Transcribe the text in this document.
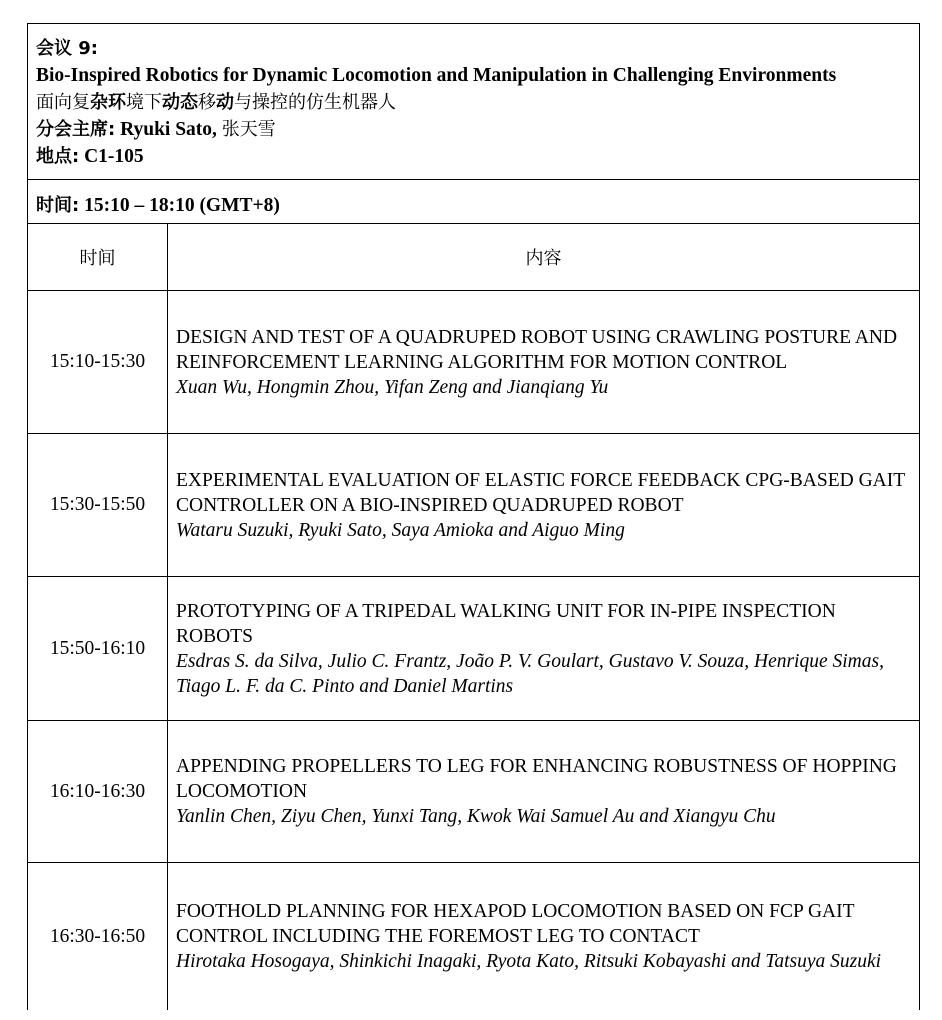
会议 9:
Bio-Inspired Robotics for Dynamic Locomotion and Manipulation in Challenging Environments
面向复杂环境下动态移动与操控的仿生机器人
分会主席: Ryuki Sato, 张天雪
地点: C1-105
时间: 15:10 – 18:10 (GMT+8)
时间	内容
15:10-15:30	DESIGN AND TEST OF A QUADRUPED ROBOT USING CRAWLING POSTURE AND REINFORCEMENT LEARNING ALGORITHM FOR MOTION CONTROL
Xuan Wu, Hongmin Zhou, Yifan Zeng and Jianqiang Yu

15:30-15:50	EXPERIMENTAL EVALUATION OF ELASTIC FORCE FEEDBACK CPG-BASED GAIT CONTROLLER ON A BIO-INSPIRED QUADRUPED ROBOT
Wataru Suzuki, Ryuki Sato, Saya Amioka and Aiguo Ming

15:50-16:10	PROTOTYPING OF A TRIPEDAL WALKING UNIT FOR IN-PIPE INSPECTION ROBOTS
Esdras S. da Silva, Julio C. Frantz, João P. V. Goulart, Gustavo V. Souza, Henrique Simas, Tiago L. F. da C. Pinto and Daniel Martins

16:10-16:30	APPENDING PROPELLERS TO LEG FOR ENHANCING ROBUSTNESS OF HOPPING LOCOMOTION
Yanlin Chen, Ziyu Chen, Yunxi Tang, Kwok Wai Samuel Au and Xiangyu Chu

16:30-16:50	FOOTHOLD PLANNING FOR HEXAPOD LOCOMOTION BASED ON FCP GAIT CONTROL INCLUDING THE FOREMOST LEG TO CONTACT
Hirotaka Hosogaya, Shinkichi Inagaki, Ryota Kato, Ritsuki Kobayashi and Tatsuya Suzuki
